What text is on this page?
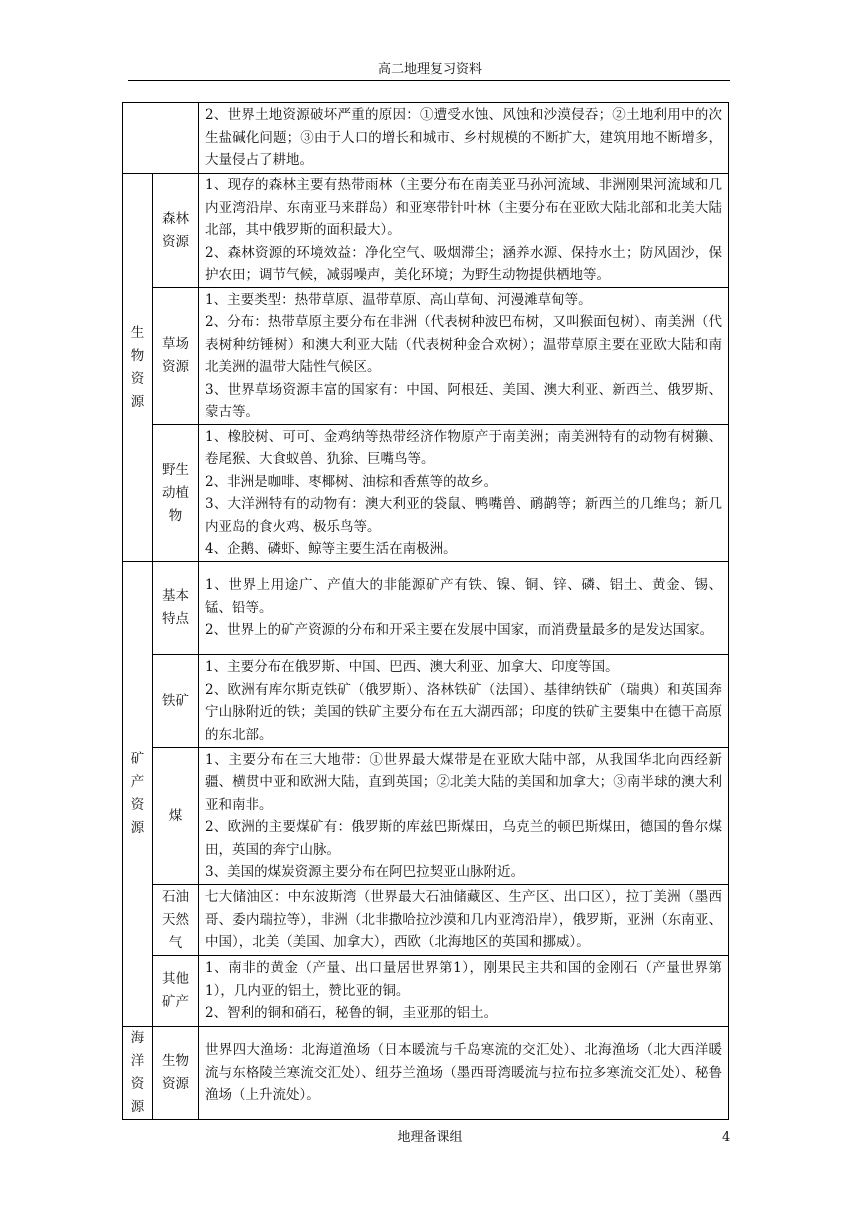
高二地理复习资料

		2、世界土地资源破坏严重的原因：①遭受水蚀、风蚀和沙漠侵吞；②土地利用中的次生盐碱化问题；③由于人口的增长和城市、乡村规模的不断扩大，建筑用地不断增多，大量侵占了耕地。

生物资源	森林资源	1、现存的森林主要有热带雨林（主要分布在南美亚马孙河流域、非洲刚果河流域和几内亚湾沿岸、东南亚马来群岛）和亚寒带针叶林（主要分布在亚欧大陆北部和北美大陆北部，其中俄罗斯的面积最大）。
2、森林资源的环境效益：净化空气、吸烟滞尘；涵养水源、保持水土；防风固沙，保护农田；调节气候，减弱噪声，美化环境；为野生动物提供栖地等。

	草场资源	1、主要类型：热带草原、温带草原、高山草甸、河漫滩草甸等。
2、分布：热带草原主要分布在非洲（代表树种波巴布树，又叫猴面包树）、南美洲（代表树种纺锤树）和澳大利亚大陆（代表树种金合欢树）；温带草原主要在亚欧大陆和南北美洲的温带大陆性气候区。
3、世界草场资源丰富的国家有：中国、阿根廷、美国、澳大利亚、新西兰、俄罗斯、蒙古等。

	野生动植物	1、橡胶树、可可、金鸡纳等热带经济作物原产于南美洲；南美洲特有的动物有树獭、卷尾猴、大食蚁兽、犰狳、巨嘴鸟等。
2、非洲是咖啡、枣椰树、油棕和香蕉等的故乡。
3、大洋洲特有的动物有：澳大利亚的袋鼠、鸭嘴兽、鸸鹋等；新西兰的几维鸟；新几内亚岛的食火鸡、极乐鸟等。
4、企鹅、磷虾、鲸等主要生活在南极洲。

矿产资源	基本特点	1、世界上用途广、产值大的非能源矿产有铁、镍、铜、锌、磷、铝土、黄金、锡、锰、铅等。
2、世界上的矿产资源的分布和开采主要在发展中国家，而消费量最多的是发达国家。

	铁矿	1、主要分布在俄罗斯、中国、巴西、澳大利亚、加拿大、印度等国。
2、欧洲有库尔斯克铁矿（俄罗斯）、洛林铁矿（法国）、基律纳铁矿（瑞典）和英国奔宁山脉附近的铁；美国的铁矿主要分布在五大湖西部；印度的铁矿主要集中在德干高原的东北部。

	煤	1、主要分布在三大地带：①世界最大煤带是在亚欧大陆中部，从我国华北向西经新疆、横贯中亚和欧洲大陆，直到英国；②北美大陆的美国和加拿大；③南半球的澳大利亚和南非。
2、欧洲的主要煤矿有：俄罗斯的库兹巴斯煤田，乌克兰的顿巴斯煤田，德国的鲁尔煤田，英国的奔宁山脉。
3、美国的煤炭资源主要分布在阿巴拉契亚山脉附近。

	石油天然气	七大储油区：中东波斯湾（世界最大石油储藏区、生产区、出口区），拉丁美洲（墨西哥、委内瑞拉等），非洲（北非撒哈拉沙漠和几内亚湾沿岸），俄罗斯，亚洲（东南亚、中国），北美（美国、加拿大），西欧（北海地区的英国和挪威）。

	其他矿产	1、南非的黄金（产量、出口量居世界第1），刚果民主共和国的金刚石（产量世界第1），几内亚的铝土，赞比亚的铜。
2、智利的铜和硝石，秘鲁的铜，圭亚那的铝土。

海洋资源	生物资源	世界四大渔场：北海道渔场（日本暖流与千岛寒流的交汇处）、北海渔场（北大西洋暖流与东格陵兰寒流交汇处）、纽芬兰渔场（墨西哥湾暖流与拉布拉多寒流交汇处）、秘鲁渔场（上升流处）。
地理备课组	4
